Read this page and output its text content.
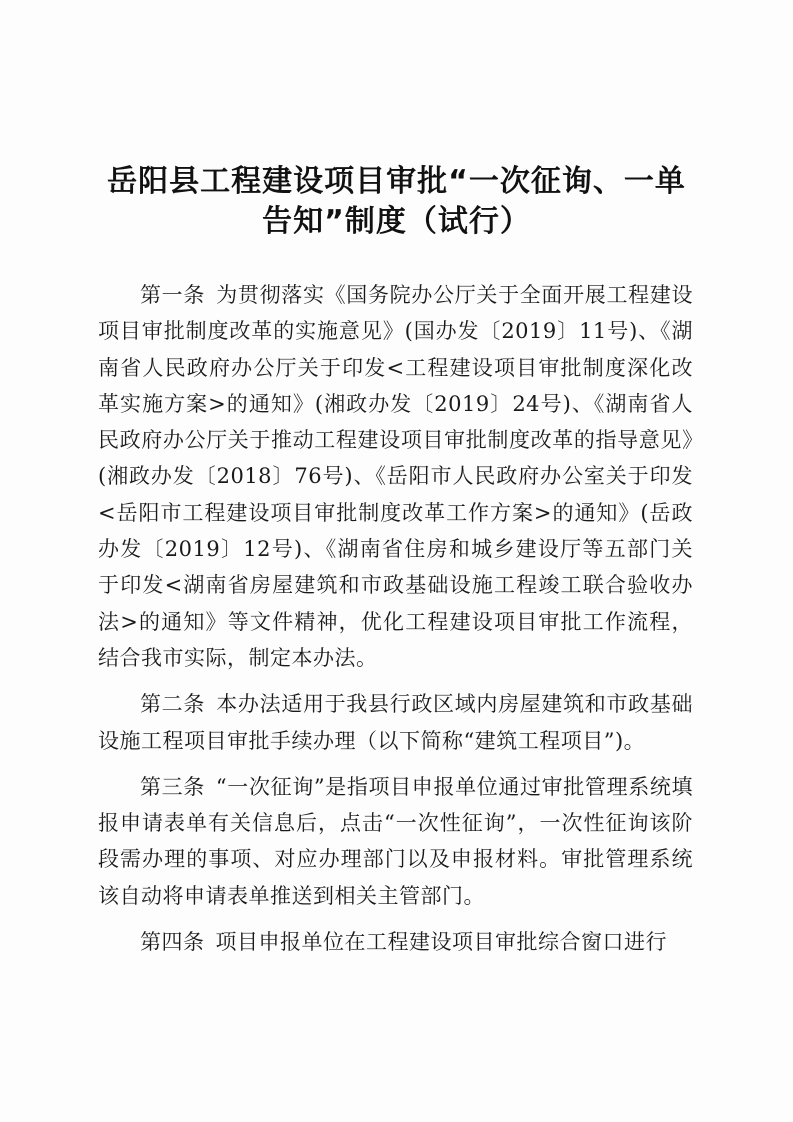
岳阳县工程建设项目审批“一次征询、一单
告知”制度（试行）

第一条  为贯彻落实《国务院办公厅关于全面开展工程建设项目审批制度改革的实施意见》(国办发〔2019〕11号)、《湖南省人民政府办公厅关于印发<工程建设项目审批制度深化改革实施方案>的通知》(湘政办发〔2019〕24号)、《湖南省人民政府办公厅关于推动工程建设项目审批制度改革的指导意见》(湘政办发〔2018〕76号)、《岳阳市人民政府办公室关于印发<岳阳市工程建设项目审批制度改革工作方案>的通知》(岳政办发〔2019〕12号)、《湖南省住房和城乡建设厅等五部门关于印发<湖南省房屋建筑和市政基础设施工程竣工联合验收办法>的通知》等文件精神，优化工程建设项目审批工作流程，结合我市实际，制定本办法。

第二条  本办法适用于我县行政区域内房屋建筑和市政基础设施工程项目审批手续办理（以下简称“建筑工程项目”)。

第三条  “一次征询”是指项目申报单位通过审批管理系统填报申请表单有关信息后，点击“一次性征询”，一次性征询该阶段需办理的事项、对应办理部门以及申报材料。审批管理系统该自动将申请表单推送到相关主管部门。

第四条  项目申报单位在工程建设项目审批综合窗口进行
